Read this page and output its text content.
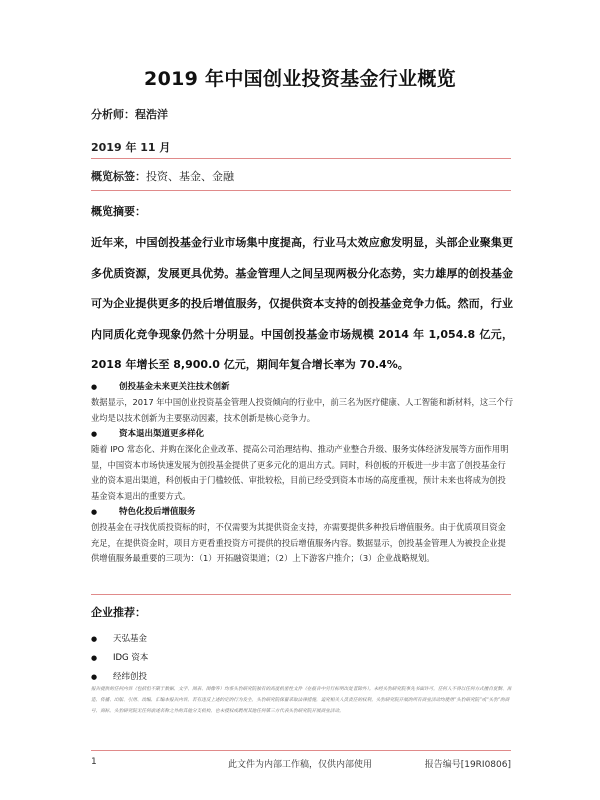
2019 年中国创业投资基金行业概览
分析师：程浩洋
2019 年 11 月
概览标签：投资、基金、金融
概览摘要：
近年来，中国创投基金行业市场集中度提高，行业马太效应愈发明显，头部企业聚集更多优质资源，发展更具优势。基金管理人之间呈现两极分化态势，实力雄厚的创投基金可为企业提供更多的投后增值服务，仅提供资本支持的创投基金竞争力低。然而，行业内同质化竞争现象仍然十分明显。中国创投基金市场规模 2014 年 1,054.8 亿元，2018 年增长至 8,900.0 亿元，期间年复合增长率为 70.4%。
●	创投基金未来更关注技术创新
数据显示，2017 年中国创业投资基金管理人投资倾向的行业中，前三名为医疗健康、人工智能和新材料，这三个行业均是以技术创新为主要驱动因素，技术创新是核心竞争力。
●	资本退出渠道更多样化
随着 IPO 常态化、并购在深化企业改革、提高公司治理结构、推动产业整合升级、服务实体经济发展等方面作用明显，中国资本市场快速发展为创投基金提供了更多元化的退出方式。同时，科创板的开板进一步丰富了创投基金行业的资本退出渠道，科创板由于门槛较低、审批较松，目前已经受到资本市场的高度重视，预计未来也将成为创投基金资本退出的重要方式。
●	特色化投后增值服务
创投基金在寻找优质投资标的时，不仅需要为其提供资金支持，亦需要提供多种投后增值服务。由于优质项目资金充足，在提供资金时，项目方更看重投资方可提供的投后增值服务内容。数据显示，创投基金管理人为被投企业提供增值服务最重要的三项为：（1）开拓融资渠道；（2）上下游客户推介；（3）企业战略规划。
企业推荐：
●	天弘基金
●	IDG 资本
●	经纬创投
报告提供的任何内容（包括但不限于数据、文字、图表、图像等）均系头豹研究院独有的高度机密性文件（在报告中另行标明出处者除外）。未经头豹研究院事先书面许可，任何人不得以任何方式擅自复制、再造、传播、出版、引用、改编、汇编本报告内容，若有违反上述约定的行为发生，头豹研究院保留采取法律措施，追究相关人员责任的权利。头豹研究院开展的所有商业活动均使用“头豹研究院”或“头豹”的商号、商标，头豹研究院无任何前述名称之外的其他分支机构，也未授权或聘用其他任何第三方代表头豹研究院开展商业活动。
1	此文件为内部工作稿，仅供内部使用	报告编号[19RI0806]
